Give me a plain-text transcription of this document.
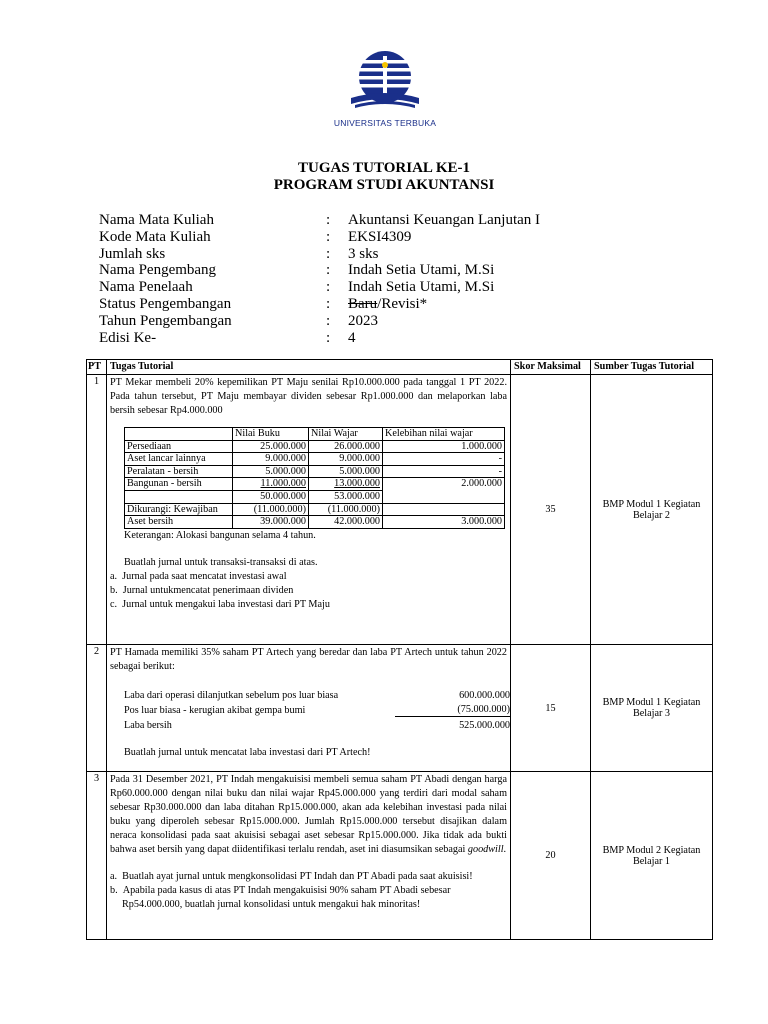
UNIVERSITAS TERBUKA
TUGAS TUTORIAL KE-1
PROGRAM STUDI AKUNTANSI
Nama Mata Kuliah	: Akuntansi Keuangan Lanjutan I
Kode Mata Kuliah	: EKSI4309
Jumlah sks	: 3 sks
Nama Pengembang	: Indah Setia Utami, M.Si
Nama Penelaah	: Indah Setia Utami, M.Si
Status Pengembangan	: Baru/Revisi*
Tahun Pengembangan	: 2023
Edisi Ke-	: 4
PT	Tugas Tutorial	Skor Maksimal	Sumber Tugas Tutorial
1	PT Mekar membeli 20% kepemilikan PT Maju senilai Rp10.000.000 pada tanggal 1 PT 2022. Pada tahun tersebut, PT Maju membayar dividen sebesar Rp1.000.000 dan melaporkan laba bersih sebesar Rp4.000.000

	Nilai Buku	Nilai Wajar	Kelebihan nilai wajar
Persediaan	25.000.000	26.000.000	1.000.000
Aset lancar lainnya	9.000.000	9.000.000	-
Peralatan - bersih	5.000.000	5.000.000	-
Bangunan - bersih	11.000.000	13.000.000	2.000.000
	50.000.000	53.000.000	
Dikurangi: Kewajiban	(11.000.000)	(11.000.000)	
Aset bersih	39.000.000	42.000.000	3.000.000
Keterangan: Alokasi bangunan selama 4 tahun.
Buatlah jurnal untuk transaksi-transaksi di atas.
a. Jurnal pada saat mencatat investasi awal
b. Jurnal untukmencatat penerimaan dividen
c. Jurnal untuk mengakui laba investasi dari PT Maju
	35	BMP Modul 1 Kegiatan Belajar 2
2	PT Hamada memiliki 35% saham PT Artech yang beredar dan laba PT Artech untuk tahun 2022 sebagai berikut:

Laba dari operasi dilanjutkan sebelum pos luar biasa	600.000.000
Pos luar biasa - kerugian akibat gempa bumi	(75.000.000)
Laba bersih	525.000.000
Buatlah jurnal untuk mencatat laba investasi dari PT Artech!
	15	BMP Modul 1 Kegiatan Belajar 3
3	Pada 31 Desember 2021, PT Indah mengakuisisi membeli semua saham PT Abadi dengan harga Rp60.000.000 dengan nilai buku dan nilai wajar Rp45.000.000 yang terdiri dari modal saham sebesar Rp30.000.000 dan laba ditahan Rp15.000.000, akan ada kelebihan investasi pada nilai buku yang diperoleh sebesar Rp15.000.000. Jumlah Rp15.000.000 tersebut disajikan dalam neraca konsolidasi pada saat akuisisi sebagai aset sebesar Rp15.000.000. Jika tidak ada bukti bahwa aset bersih yang dapat diidentifikasi terlalu rendah, aset ini diasumsikan sebagai goodwill.

a. Buatlah ayat jurnal untuk mengkonsolidasi PT Indah dan PT Abadi pada saat akuisisi!
b. Apabila pada kasus di atas PT Indah mengakuisisi 90% saham PT Abadi sebesar Rp54.000.000, buatlah jurnal konsolidasi untuk mengakui hak minoritas!
	20	BMP Modul 2 Kegiatan Belajar 1
